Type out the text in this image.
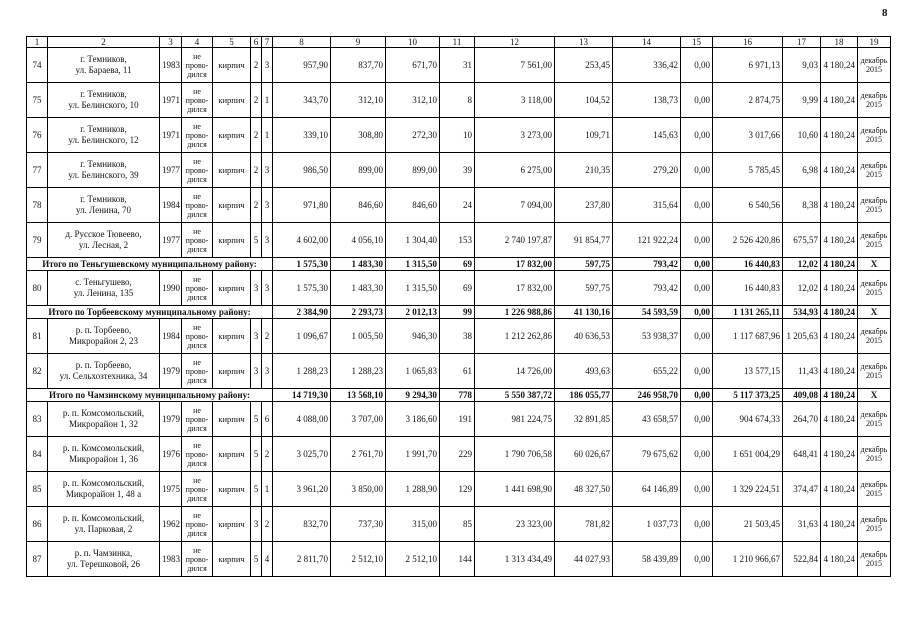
8
1	2	3	4	5	6	7	8	9	10	11	12	13	14	15	16	17	18	19
74	г. Темников,
ул. Бараева, 11	1983	не
прово-
дился	кирпич	2	3	957,90	837,70	671,70	31	7 561,00	253,45	336,42	0,00	6 971,13	9,03	4 180,24	декабрь
2015
75	г. Темников,
ул. Белинского, 10	1971	не
прово-
дился	кирпич	2	1	343,70	312,10	312,10	8	3 118,00	104,52	138,73	0,00	2 874,75	9,99	4 180,24	декабрь
2015
76	г. Темников,
ул. Белинского, 12	1971	не
прово-
дился	кирпич	2	1	339,10	308,80	272,30	10	3 273,00	109,71	145,63	0,00	3 017,66	10,60	4 180,24	декабрь
2015
77	г. Темников,
ул. Белинского, 39	1977	не
прово-
дился	кирпич	2	3	986,50	899,00	899,00	39	6 275,00	210,35	279,20	0,00	5 785,45	6,98	4 180,24	декабрь
2015
78	г. Темников,
ул. Ленина, 70	1984	не
прово-
дился	кирпич	2	3	971,80	846,60	846,60	24	7 094,00	237,80	315,64	0,00	6 540,56	8,38	4 180,24	декабрь
2015
79	д. Русское Тювеево,
ул. Лесная, 2	1977	не
прово-
дился	кирпич	5	3	4 602,00	4 056,10	1 304,40	153	2 740 197,87	91 854,77	121 922,24	0,00	2 526 420,86	675,57	4 180,24	декабрь
2015
Итого по Теньгушевскому муниципальному району:							1 575,30	1 483,30	1 315,50	69	17 832,00	597,75	793,42	0,00	16 440,83	12,02	4 180,24	X
80	с. Теньгушево,
ул. Ленина, 135	1990	не
прово-
дился	кирпич	3	3	1 575,30	1 483,30	1 315,50	69	17 832,00	597,75	793,42	0,00	16 440,83	12,02	4 180,24	декабрь
2015
Итого по Торбеевскому муниципальному району:							2 384,90	2 293,73	2 012,13	99	1 226 988,86	41 130,16	54 593,59	0,00	1 131 265,11	534,93	4 180,24	X
81	р. п. Торбеево,
Микрорайон 2, 23	1984	не
прово-
дился	кирпич	3	2	1 096,67	1 005,50	946,30	38	1 212 262,86	40 636,53	53 938,37	0,00	1 117 687,96	1 205,63	4 180,24	декабрь
2015
82	р. п. Торбеево,
ул. Сельхозтехника, 34	1979	не
прово-
дился	кирпич	3	3	1 288,23	1 288,23	1 065,83	61	14 726,00	493,63	655,22	0,00	13 577,15	11,43	4 180,24	декабрь
2015
Итого по Чамзинскому муниципальному району:							14 719,30	13 568,10	9 294,30	778	5 550 387,72	186 055,77	246 958,70	0,00	5 117 373,25	409,08	4 180,24	X
83	р. п. Комсомольский,
Микрорайон 1, 32	1979	не
прово-
дился	кирпич	5	6	4 088,00	3 707,00	3 186,60	191	981 224,75	32 891,85	43 658,57	0,00	904 674,33	264,70	4 180,24	декабрь
2015
84	р. п. Комсомольский,
Микрорайон 1, 36	1976	не
прово-
дился	кирпич	5	2	3 025,70	2 761,70	1 991,70	229	1 790 706,58	60 026,67	79 675,62	0,00	1 651 004,29	648,41	4 180,24	декабрь
2015
85	р. п. Комсомольский,
Микрорайон 1, 48 а	1975	не
прово-
дился	кирпич	5	1	3 961,20	3 850,00	1 288,90	129	1 441 698,90	48 327,50	64 146,89	0,00	1 329 224,51	374,47	4 180,24	декабрь
2015
86	р. п. Комсомольский,
ул. Парковая, 2	1962	не
прово-
дился	кирпич	3	2	832,70	737,30	315,00	85	23 323,00	781,82	1 037,73	0,00	21 503,45	31,63	4 180,24	декабрь
2015
87	р. п. Чамзинка,
ул. Терешковой, 26	1983	не
прово-
дился	кирпич	5	4	2 811,70	2 512,10	2 512,10	144	1 313 434,49	44 027,93	58 439,89	0,00	1 210 966,67	522,84	4 180,24	декабрь
2015
